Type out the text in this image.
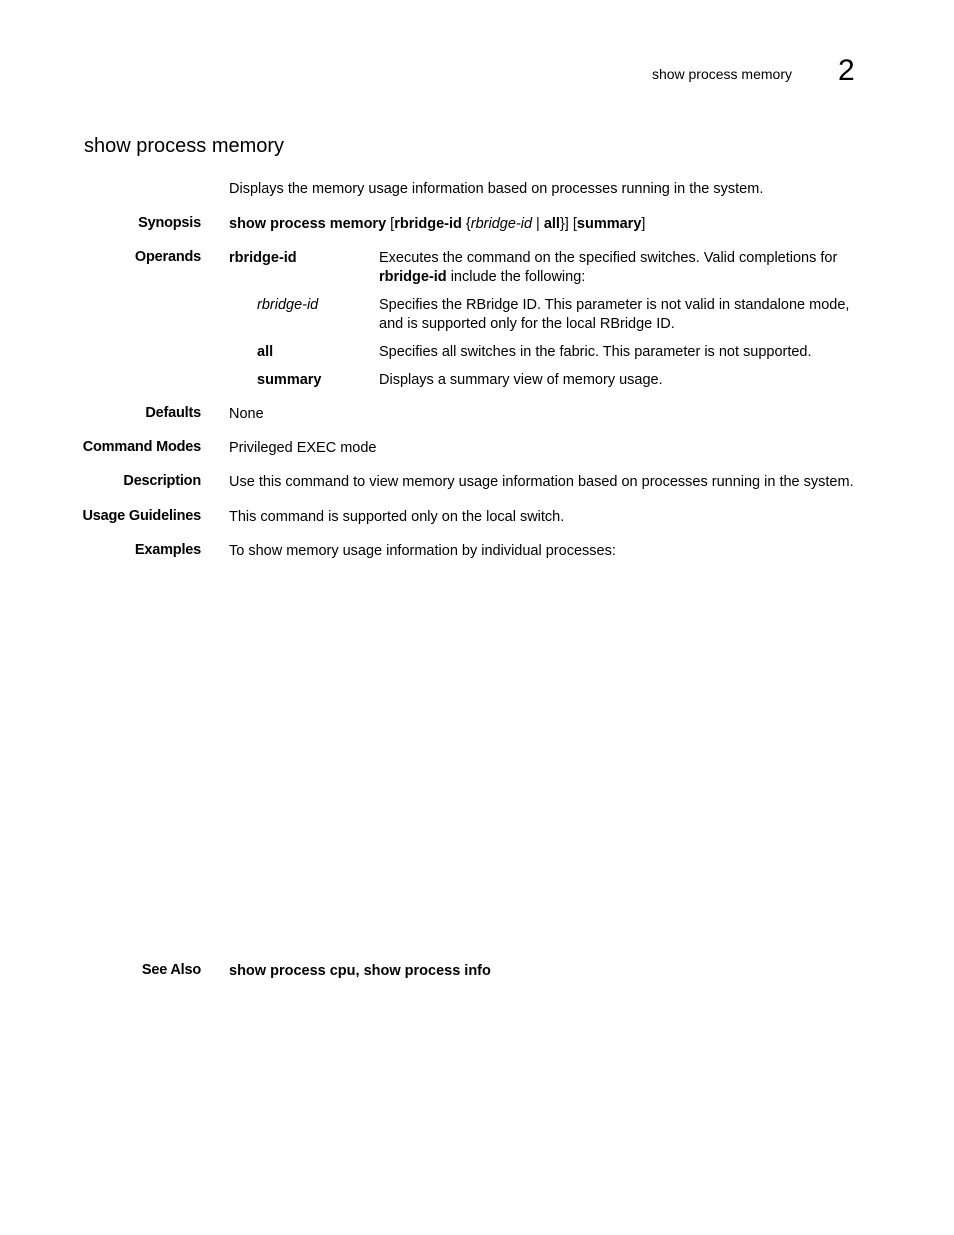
show process memory 2
show process memory
Displays the memory usage information based on processes running in the system.
Synopsis show process memory [rbridge-id {rbridge-id | all}] [summary]
Operands rbridge-id	Executes the command on the specified switches. Valid completions for
rbridge-id include the following:
rbridge-id	Specifies the RBridge ID. This parameter is not valid in standalone mode, and is supported only for the local RBridge ID.
all	Specifies all switches in the fabric. This parameter is not supported.
summary	Displays a summary view of memory usage.
Defaults None
Command Modes Privileged EXEC mode
Description Use this command to view memory usage information based on processes running in the system.
Usage Guidelines This command is supported only on the local switch.
Examples To show memory usage information by individual processes:
See Also show process cpu, show process info
